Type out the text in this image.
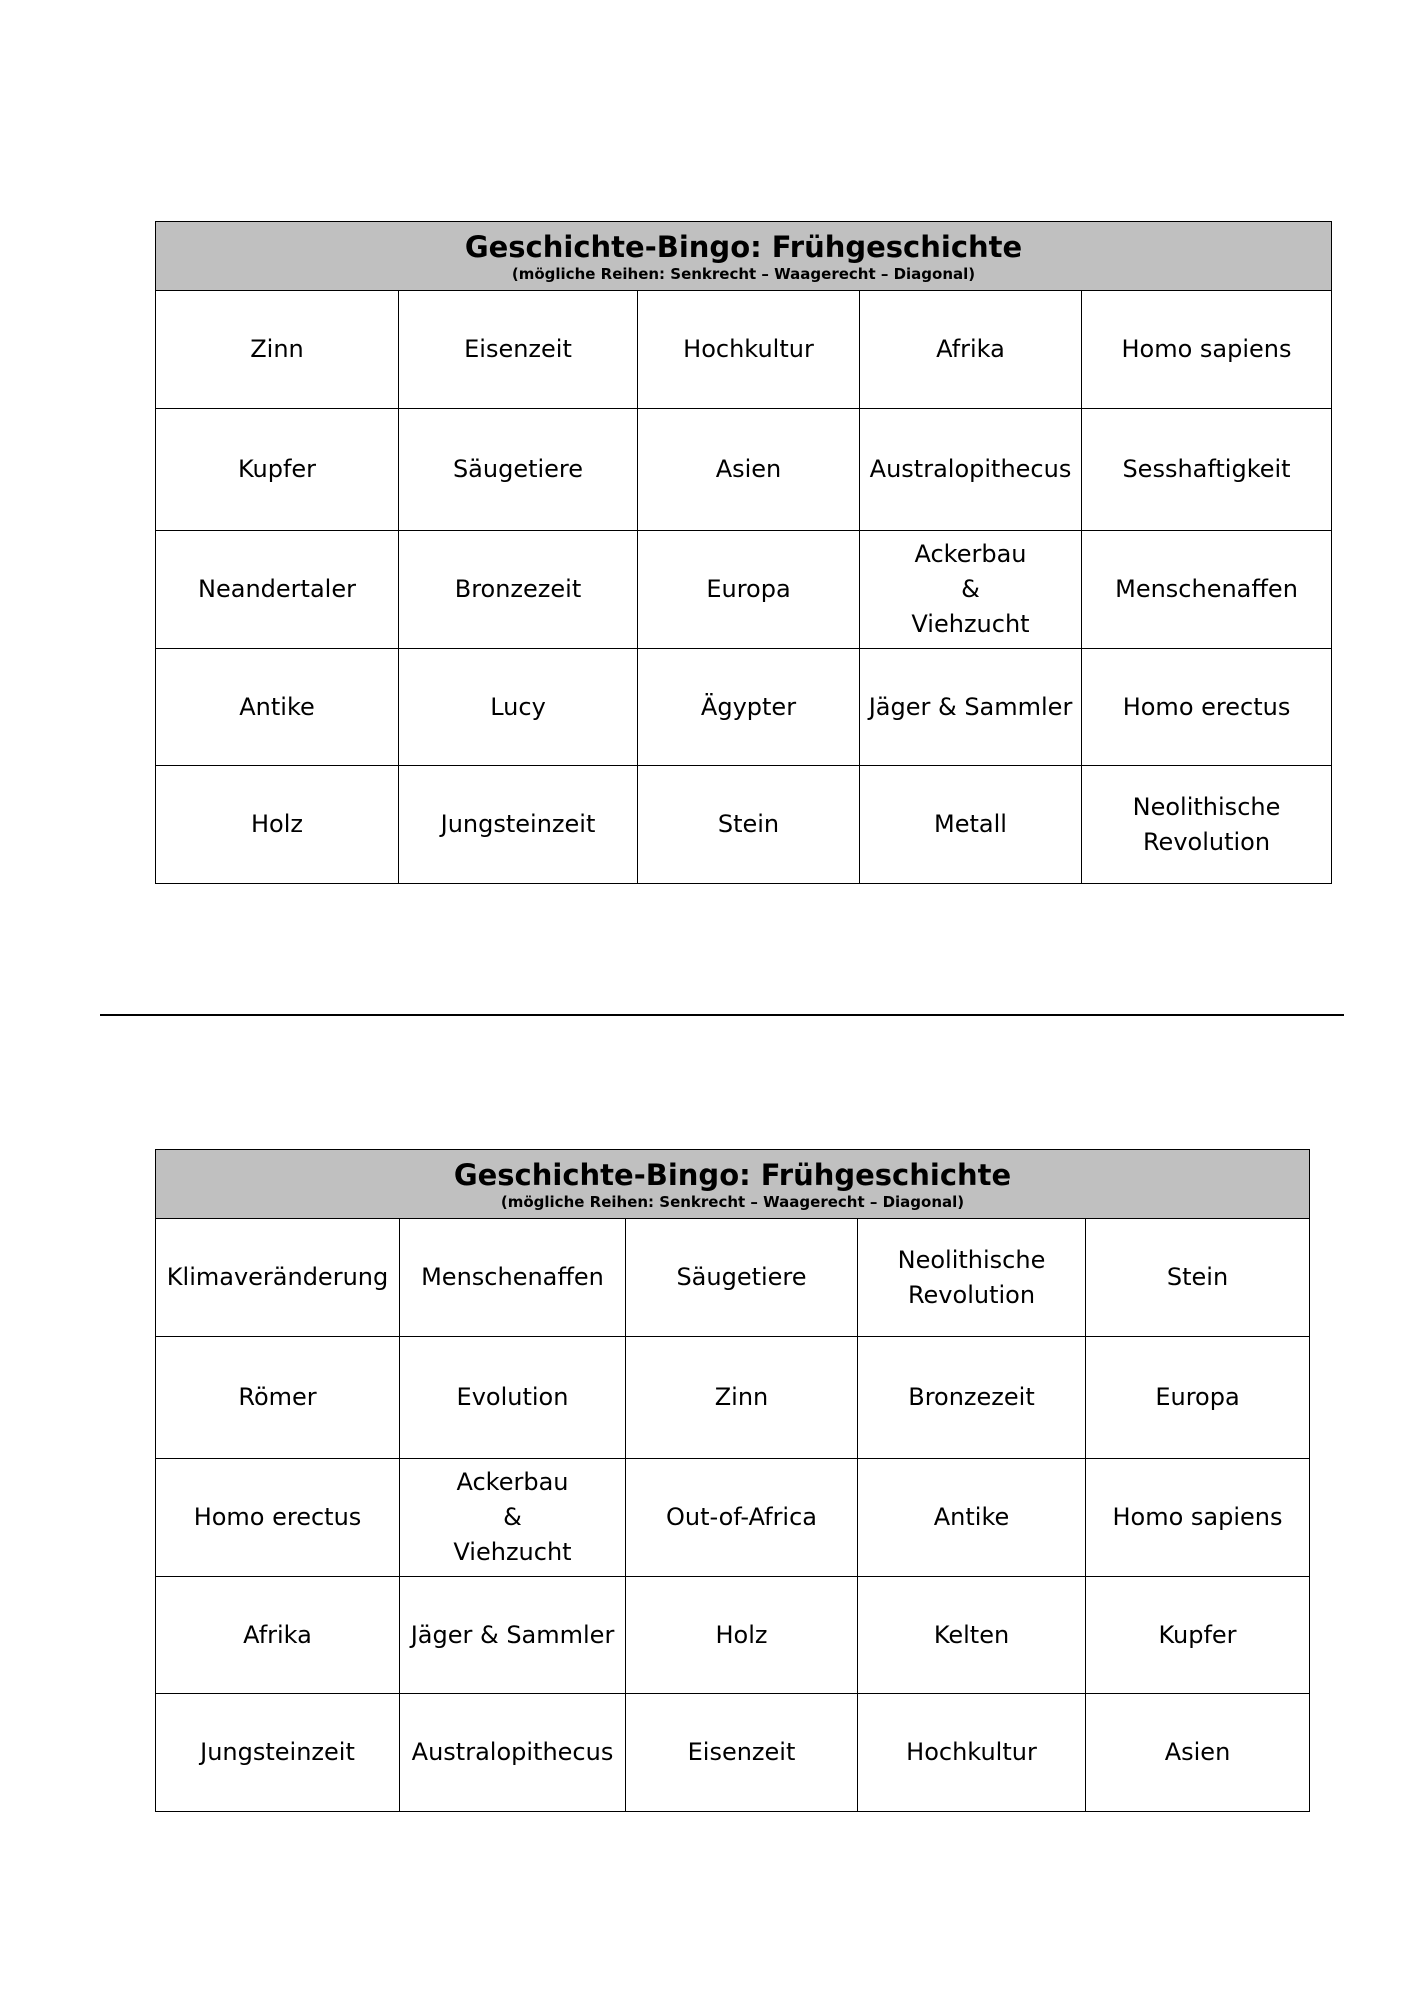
Geschichte-Bingo: Frühgeschichte
(mögliche Reihen: Senkrecht – Waagerecht – Diagonal)				

Zinn	Eisenzeit	Hochkultur	Afrika	Homo sapiens
Kupfer	Säugetiere	Asien	Australopithecus	Sesshaftigkeit
Neandertaler	Bronzezeit	Europa	Ackerbau & Viehzucht	Menschenaffen
Antike	Lucy	Ägypter	Jäger & Sammler	Homo erectus
Holz	Jungsteinzeit	Stein	Metall	Neolithische Revolution
Geschichte-Bingo: Frühgeschichte
(mögliche Reihen: Senkrecht – Waagerecht – Diagonal)				

Klimaveränderung	Menschenaffen	Säugetiere	Neolithische Revolution	Stein
Römer	Evolution	Zinn	Bronzezeit	Europa
Homo erectus	Ackerbau & Viehzucht	Out-of-Africa	Antike	Homo sapiens
Afrika	Jäger & Sammler	Holz	Kelten	Kupfer
Jungsteinzeit	Australopithecus	Eisenzeit	Hochkultur	Asien
